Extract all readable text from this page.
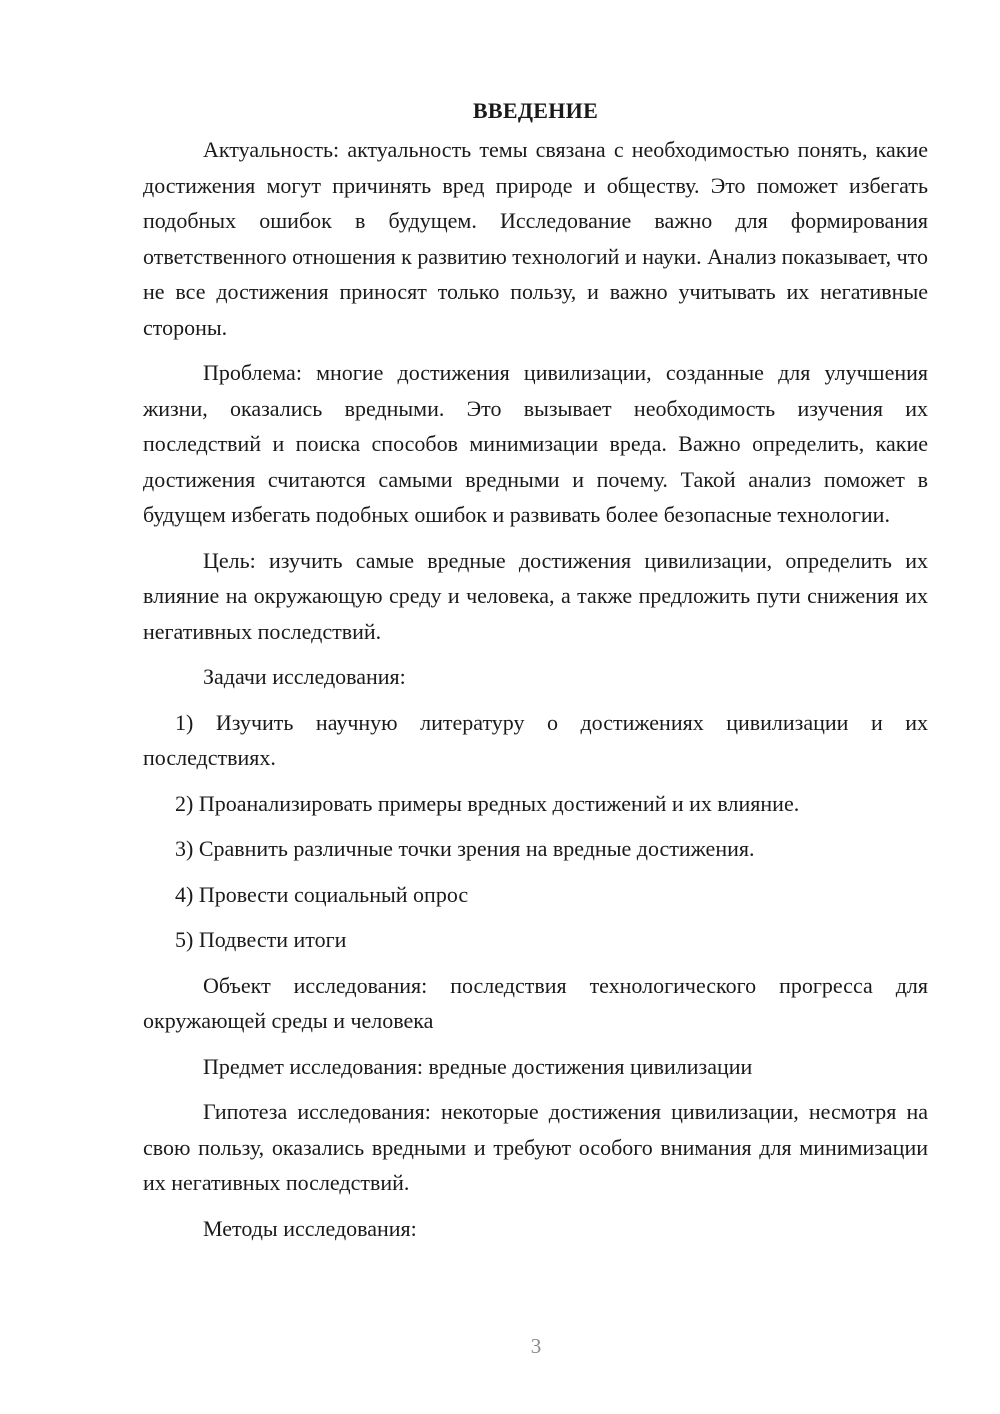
ВВЕДЕНИЕ

Актуальность: актуальность темы связана с необходимостью понять, какие достижения могут причинять вред природе и обществу. Это поможет избегать подобных ошибок в будущем. Исследование важно для формирования ответственного отношения к развитию технологий и науки. Анализ показывает, что не все достижения приносят только пользу, и важно учитывать их негативные стороны.

Проблема: многие достижения цивилизации, созданные для улучшения жизни, оказались вредными. Это вызывает необходимость изучения их последствий и поиска способов минимизации вреда. Важно определить, какие достижения считаются самыми вредными и почему. Такой анализ поможет в будущем избегать подобных ошибок и развивать более безопасные технологии.

Цель: изучить самые вредные достижения цивилизации, определить их влияние на окружающую среду и человека, а также предложить пути снижения их негативных последствий.

Задачи исследования:

1) Изучить научную литературу о достижениях цивилизации и их последствиях.

2) Проанализировать примеры вредных достижений и их влияние.

3) Сравнить различные точки зрения на вредные достижения.

4) Провести социальный опрос

5) Подвести итоги

Объект исследования: последствия технологического прогресса для окружающей среды и человека

Предмет исследования: вредные достижения цивилизации

Гипотеза исследования: некоторые достижения цивилизации, несмотря на свою пользу, оказались вредными и требуют особого внимания для минимизации их негативных последствий.

Методы исследования:

3
